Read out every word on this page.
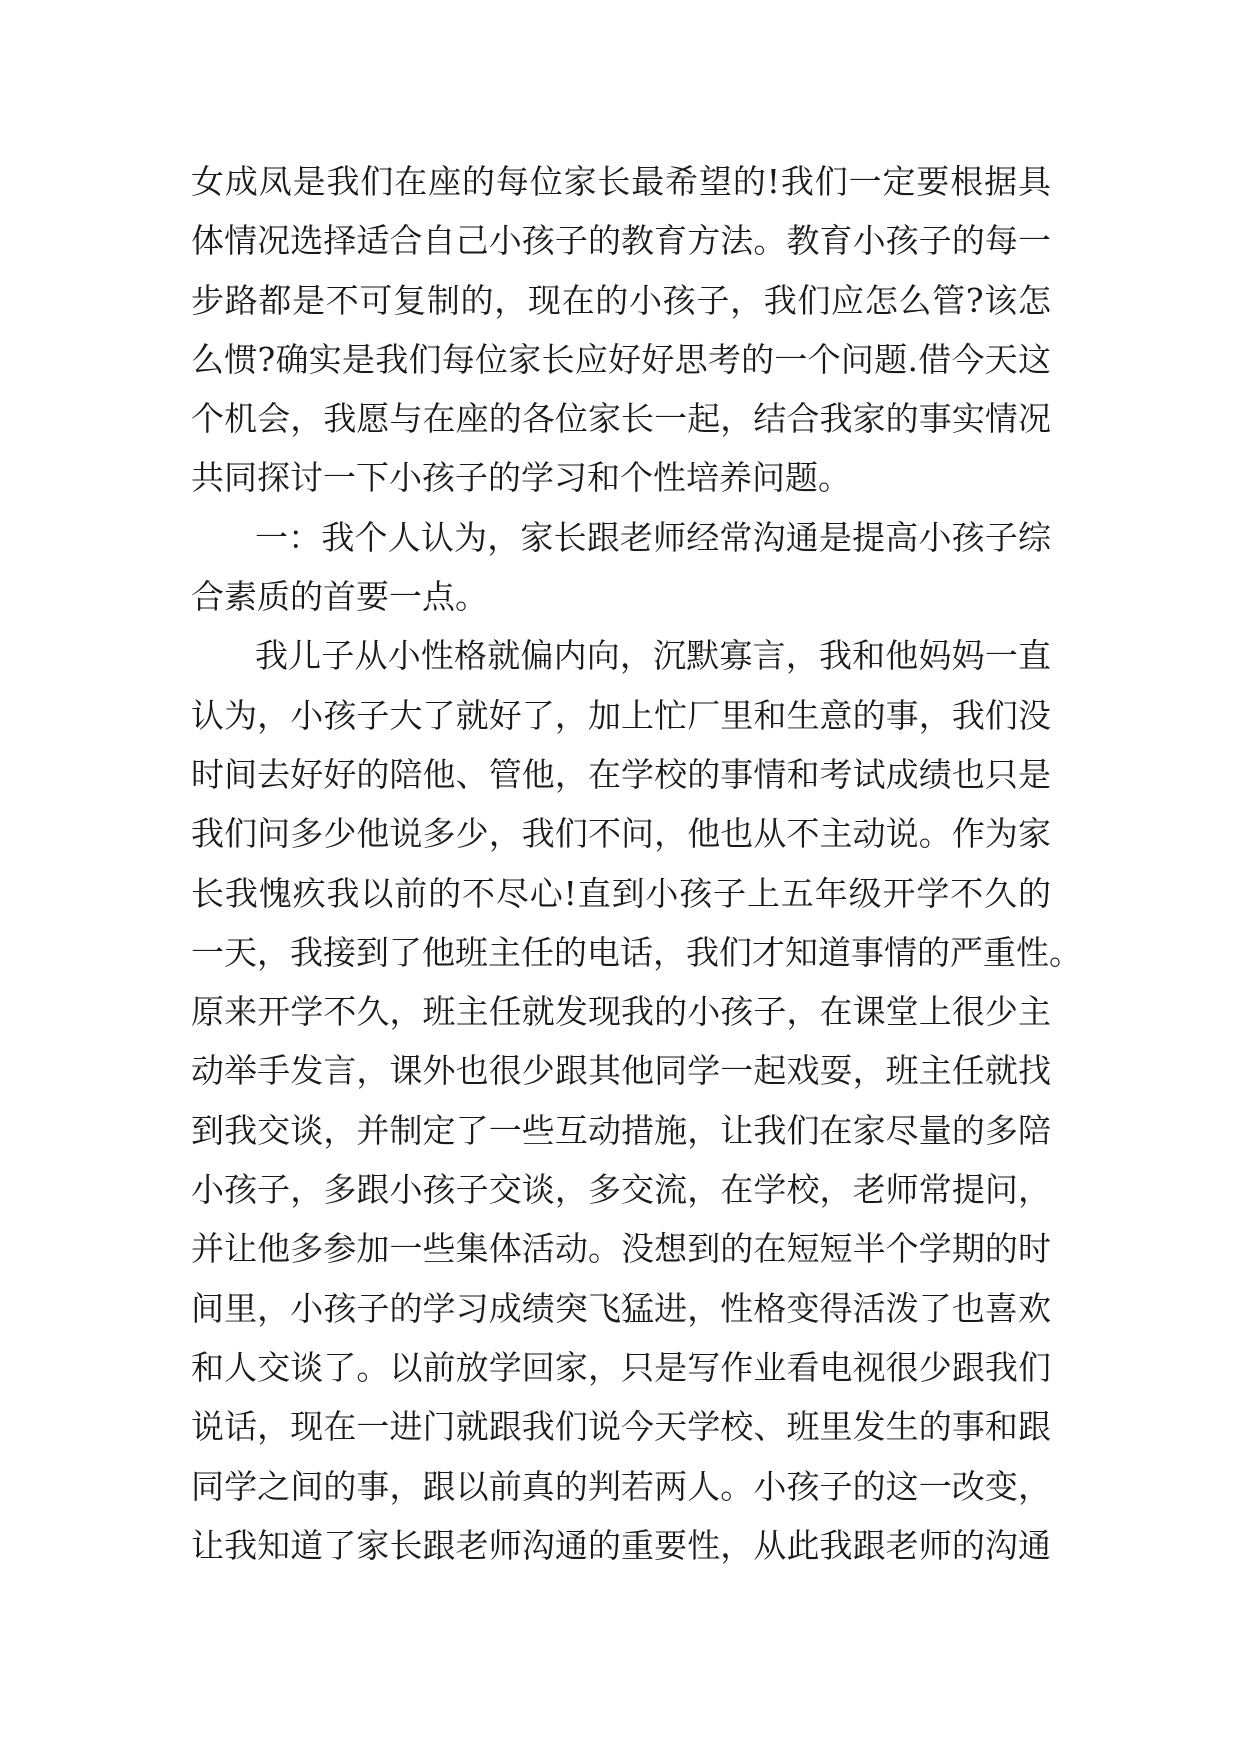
女成凤是我们在座的每位家长最希望的!我们一定要根据具
体情况选择适合自己小孩子的教育方法。教育小孩子的每一
步路都是不可复制的，现在的小孩子，我们应怎么管?该怎
么惯?确实是我们每位家长应好好思考的一个问题.借今天这
个机会，我愿与在座的各位家长一起，结合我家的事实情况
共同探讨一下小孩子的学习和个性培养问题。
一：我个人认为，家长跟老师经常沟通是提高小孩子综
合素质的首要一点。
我儿子从小性格就偏内向，沉默寡言，我和他妈妈一直
认为，小孩子大了就好了，加上忙厂里和生意的事，我们没
时间去好好的陪他、管他，在学校的事情和考试成绩也只是
我们问多少他说多少，我们不问，他也从不主动说。作为家
长我愧疚我以前的不尽心!直到小孩子上五年级开学不久的
一天，我接到了他班主任的电话，我们才知道事情的严重性。
原来开学不久，班主任就发现我的小孩子，在课堂上很少主
动举手发言，课外也很少跟其他同学一起戏耍，班主任就找
到我交谈，并制定了一些互动措施，让我们在家尽量的多陪
小孩子，多跟小孩子交谈，多交流，在学校，老师常提问，
并让他多参加一些集体活动。没想到的在短短半个学期的时
间里，小孩子的学习成绩突飞猛进，性格变得活泼了也喜欢
和人交谈了。以前放学回家，只是写作业看电视很少跟我们
说话，现在一进门就跟我们说今天学校、班里发生的事和跟
同学之间的事，跟以前真的判若两人。小孩子的这一改变，
让我知道了家长跟老师沟通的重要性，从此我跟老师的沟通
